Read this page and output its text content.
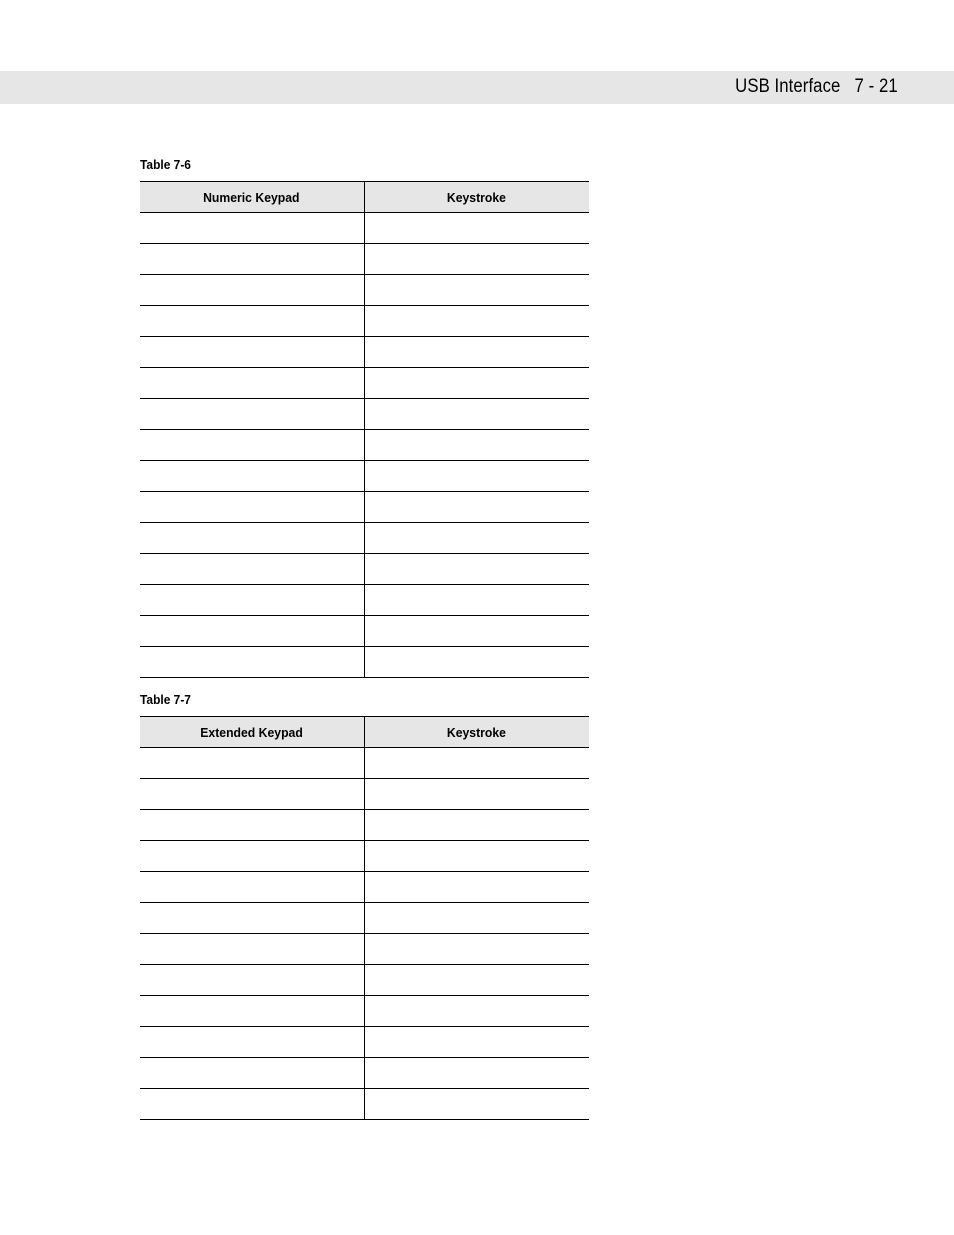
USB Interface 7 - 21
Table 7-6
Numeric Keypad	Keystroke

Table 7-7
Extended Keypad	Keystroke
